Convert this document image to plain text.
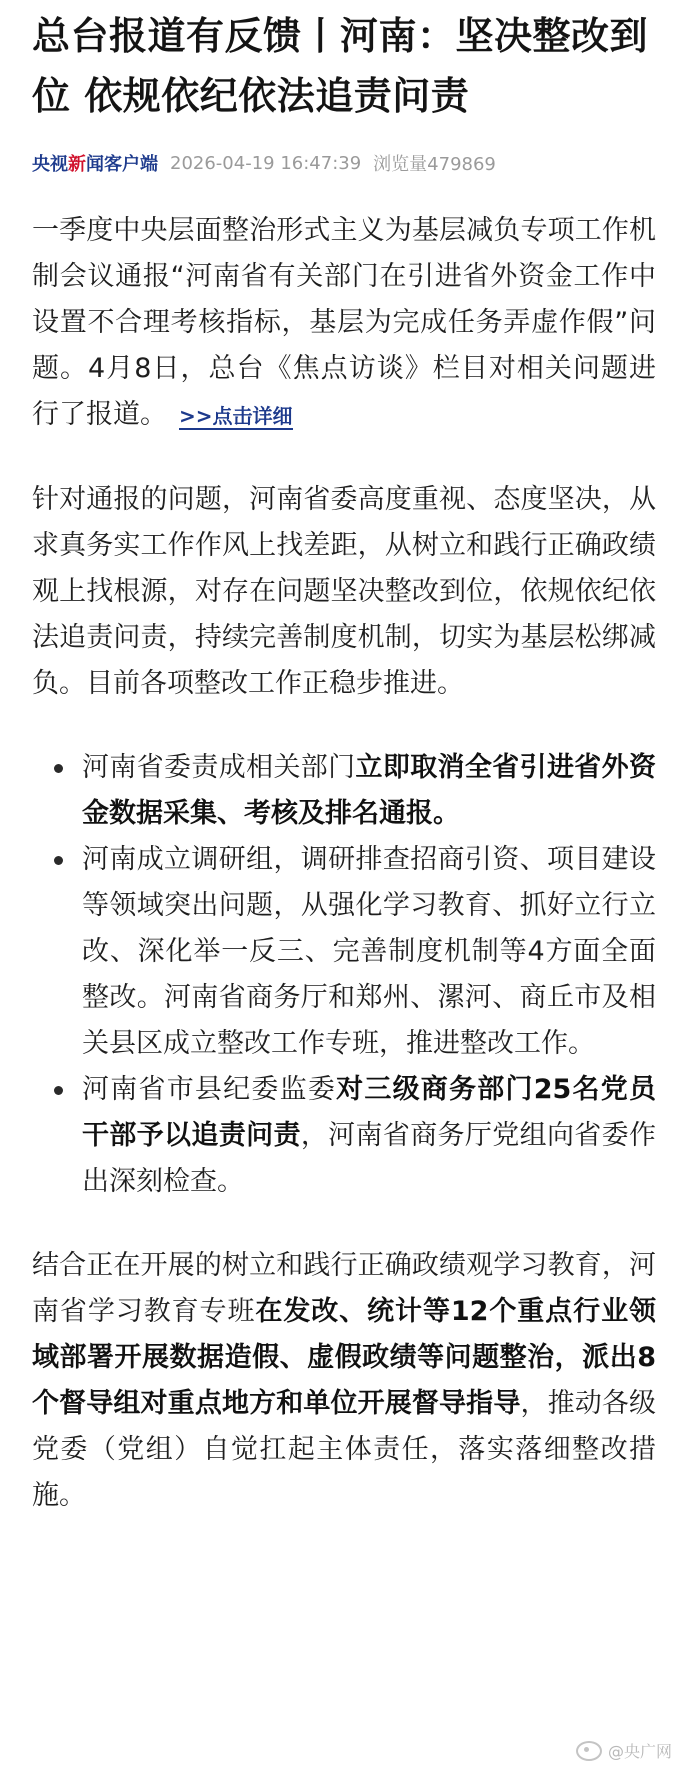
总台报道有反馈丨河南：坚决整改到位 依规依纪依法追责问责
央视新闻客户端 2026-04-19 16:47:39 浏览量479869

一季度中央层面整治形式主义为基层减负专项工作机制会议通报“河南省有关部门在引进省外资金工作中设置不合理考核指标，基层为完成任务弄虚作假”问题。4月8日，总台《焦点访谈》栏目对相关问题进行了报道。 >>点击详细

针对通报的问题，河南省委高度重视、态度坚决，从求真务实工作作风上找差距，从树立和践行正确政绩观上找根源，对存在问题坚决整改到位，依规依纪依法追责问责，持续完善制度机制，切实为基层松绑减负。目前各项整改工作正稳步推进。

河南省委责成相关部门立即取消全省引进省外资金数据采集、考核及排名通报。
河南成立调研组，调研排查招商引资、项目建设等领域突出问题，从强化学习教育、抓好立行立改、深化举一反三、完善制度机制等4方面全面整改。河南省商务厅和郑州、漯河、商丘市及相关县区成立整改工作专班，推进整改工作。
河南省市县纪委监委对三级商务部门25名党员干部予以追责问责，河南省商务厅党组向省委作出深刻检查。

结合正在开展的树立和践行正确政绩观学习教育，河南省学习教育专班在发改、统计等12个重点行业领域部署开展数据造假、虚假政绩等问题整治，派出8个督导组对重点地方和单位开展督导指导，推动各级党委（党组）自觉扛起主体责任，落实落细整改措施。

@央广网
